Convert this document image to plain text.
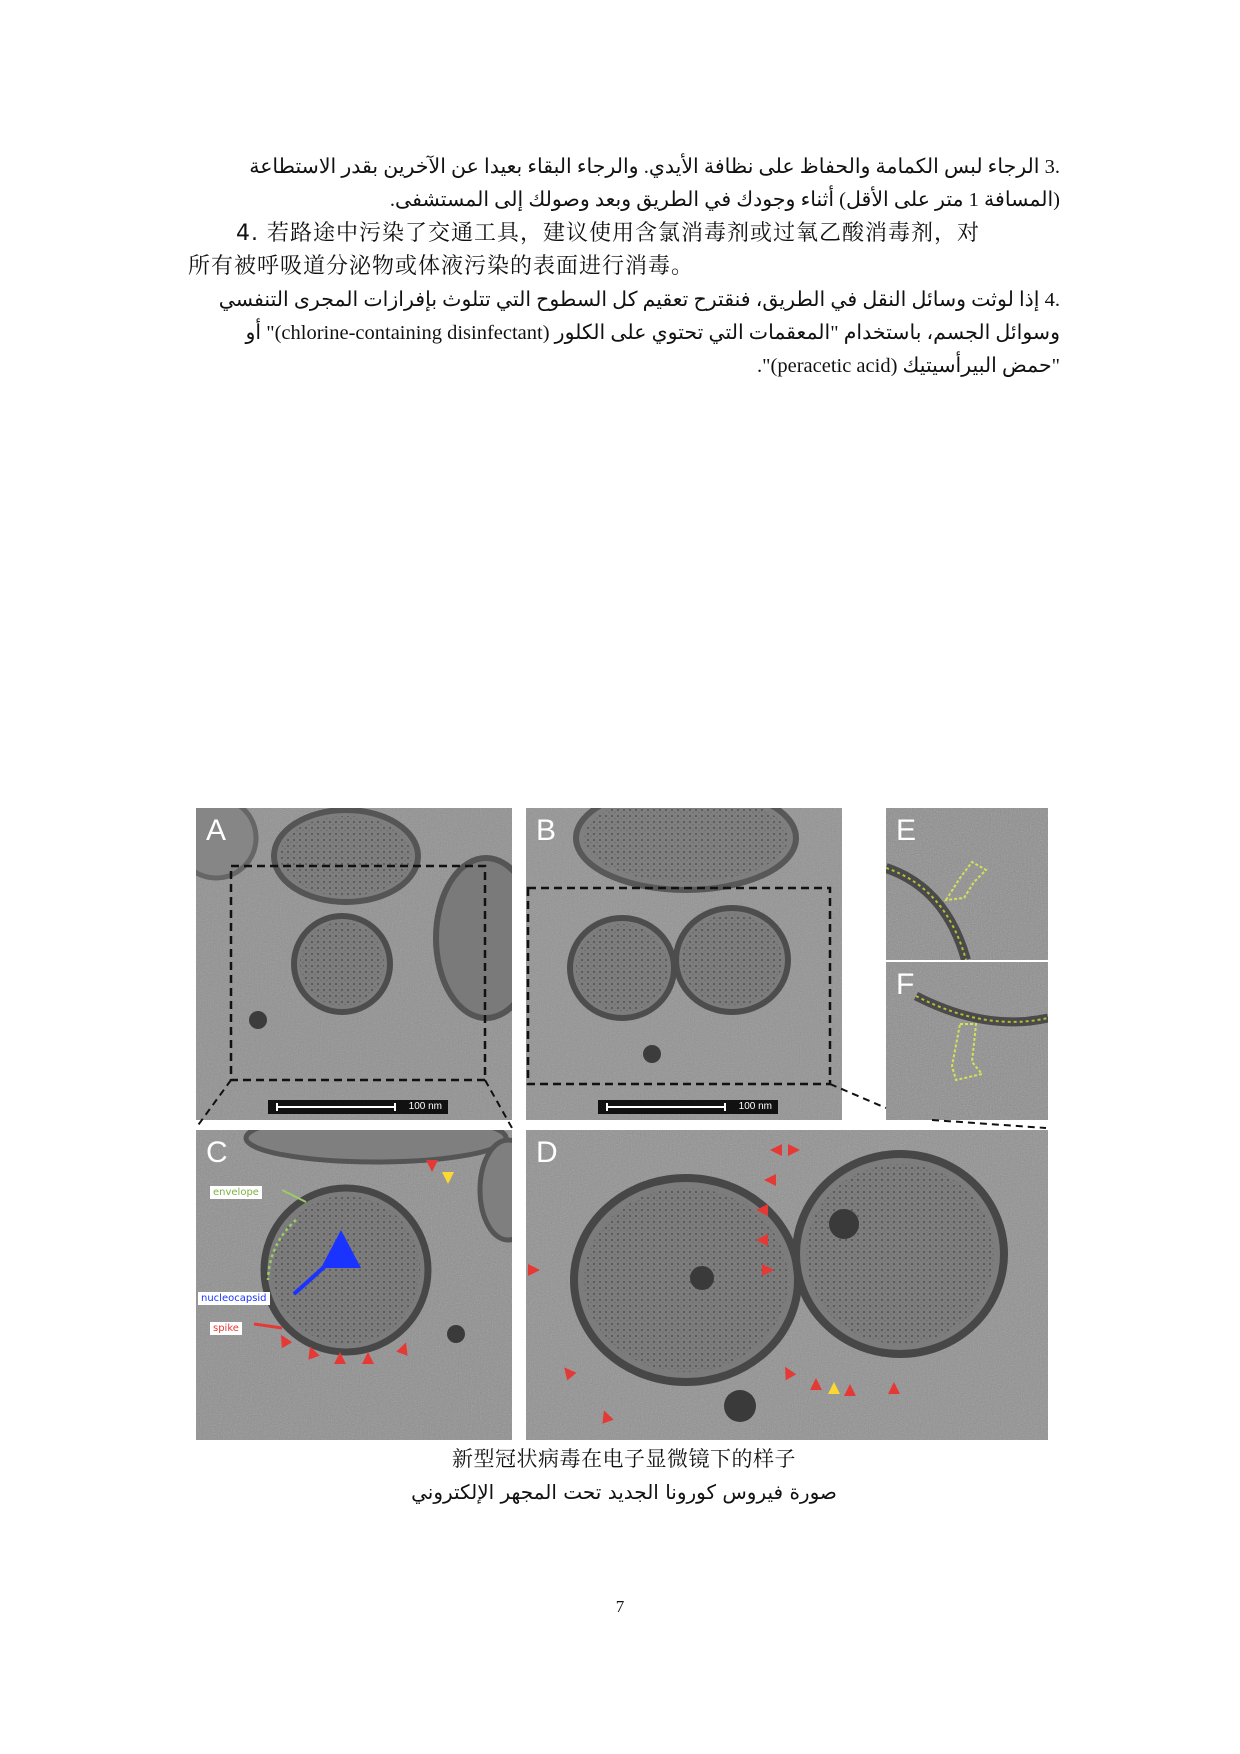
.3 الرجاء لبس الكمامة والحفاظ على نظافة الأيدي. والرجاء البقاء بعيدا عن الآخرين بقدر الاستطاعة
(المسافة 1 متر على الأقل) أثناء وجودك في الطريق وبعد وصولك إلى المستشفى.
4. 若路途中污染了交通工具，建议使用含氯消毒剂或过氧乙酸消毒剂，对
所有被呼吸道分泌物或体液污染的表面进行消毒。
.4 إذا لوثت وسائل النقل في الطريق، فنقترح تعقيم كل السطوح التي تتلوث بإفرازات المجرى التنفسي
وسوائل الجسم، باستخدام "المعقمات التي تحتوي على الكلور (chlorine-containing disinfectant)" أو
"حمض البيرأسيتيك (peracetic acid)".
A
100 nm
B
100 nm
E
F
C
envelope
nucleocapsid
spike
D
新型冠状病毒在电子显微镜下的样子
صورة فيروس كورونا الجديد تحت المجهر الإلكتروني
7
